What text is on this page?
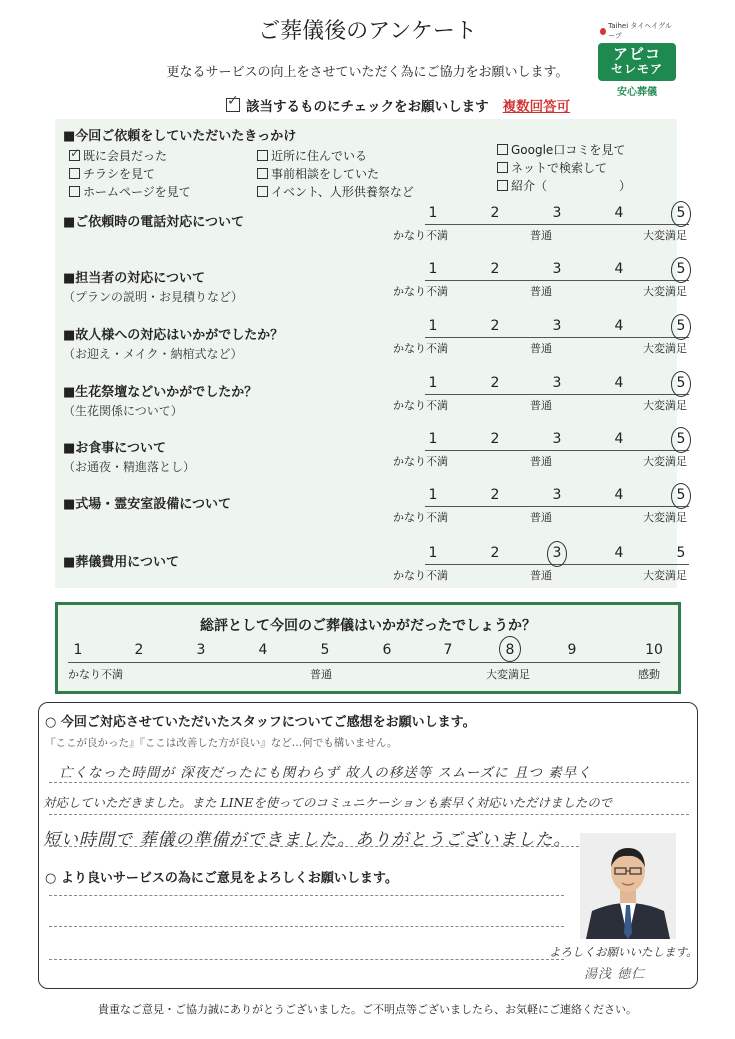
ご葬儀後のアンケート
更なるサービスの向上をさせていただく為にご協力をお願いします。
Taihei タイヘイグループ
アビコ
セレモア
安心葬儀
✓
該当するものにチェックをお願いします 複数回答可
■今回ご依頼をしていただいたきっかけ
✓
既に会員だった
チラシを見て
ホームページを見て
近所に住んでいる
事前相談をしていた
イベント、人形供養祭など
Google口コミを見て
ネットで検索して
紹介（　　　　　　）
■ご依頼時の電話対応について
1	2	3	4	5
かなり不満	普通	大変満足
■担当者の対応について
（プランの説明・お見積りなど）
1	2	3	4	5
かなり不満	普通	大変満足
■故人様への対応はいかがでしたか？
（お迎え・メイク・納棺式など）
1	2	3	4	5
かなり不満	普通	大変満足
■生花祭壇などいかがでしたか？
（生花関係について）
1	2	3	4	5
かなり不満	普通	大変満足
■お食事について
（お通夜・精進落とし）
1	2	3	4	5
かなり不満	普通	大変満足
■式場・霊安室設備について
1	2	3	4	5
かなり不満	普通	大変満足
■葬儀費用について
1	2	3	4	5
かなり不満	普通	大変満足
総評として今回のご葬儀はいかがだったでしょうか？
1	2	3	4	5	6	7	8	9	10
かなり不満	普通	大変満足	感動
○ 今回ご対応させていただいたスタッフについてご感想をお願いします。
『ここが良かった』『ここは改善した方が良い』など…何でも構いません。
亡くなった時間が 深夜だったにも関わらず 故人の移送等 スムーズに 且つ 素早く
対応していただきました。また LINEを使ってのコミュニケーションも素早く対応いただけましたので
短い時間で 葬儀の準備ができました。ありがとうございました。
○ より良いサービスの為にご意見をよろしくお願いします。
よろしくお願いいたします。
湯浅 徳仁
貴重なご意見・ご協力誠にありがとうございました。ご不明点等ございましたら、お気軽にご連絡ください。
